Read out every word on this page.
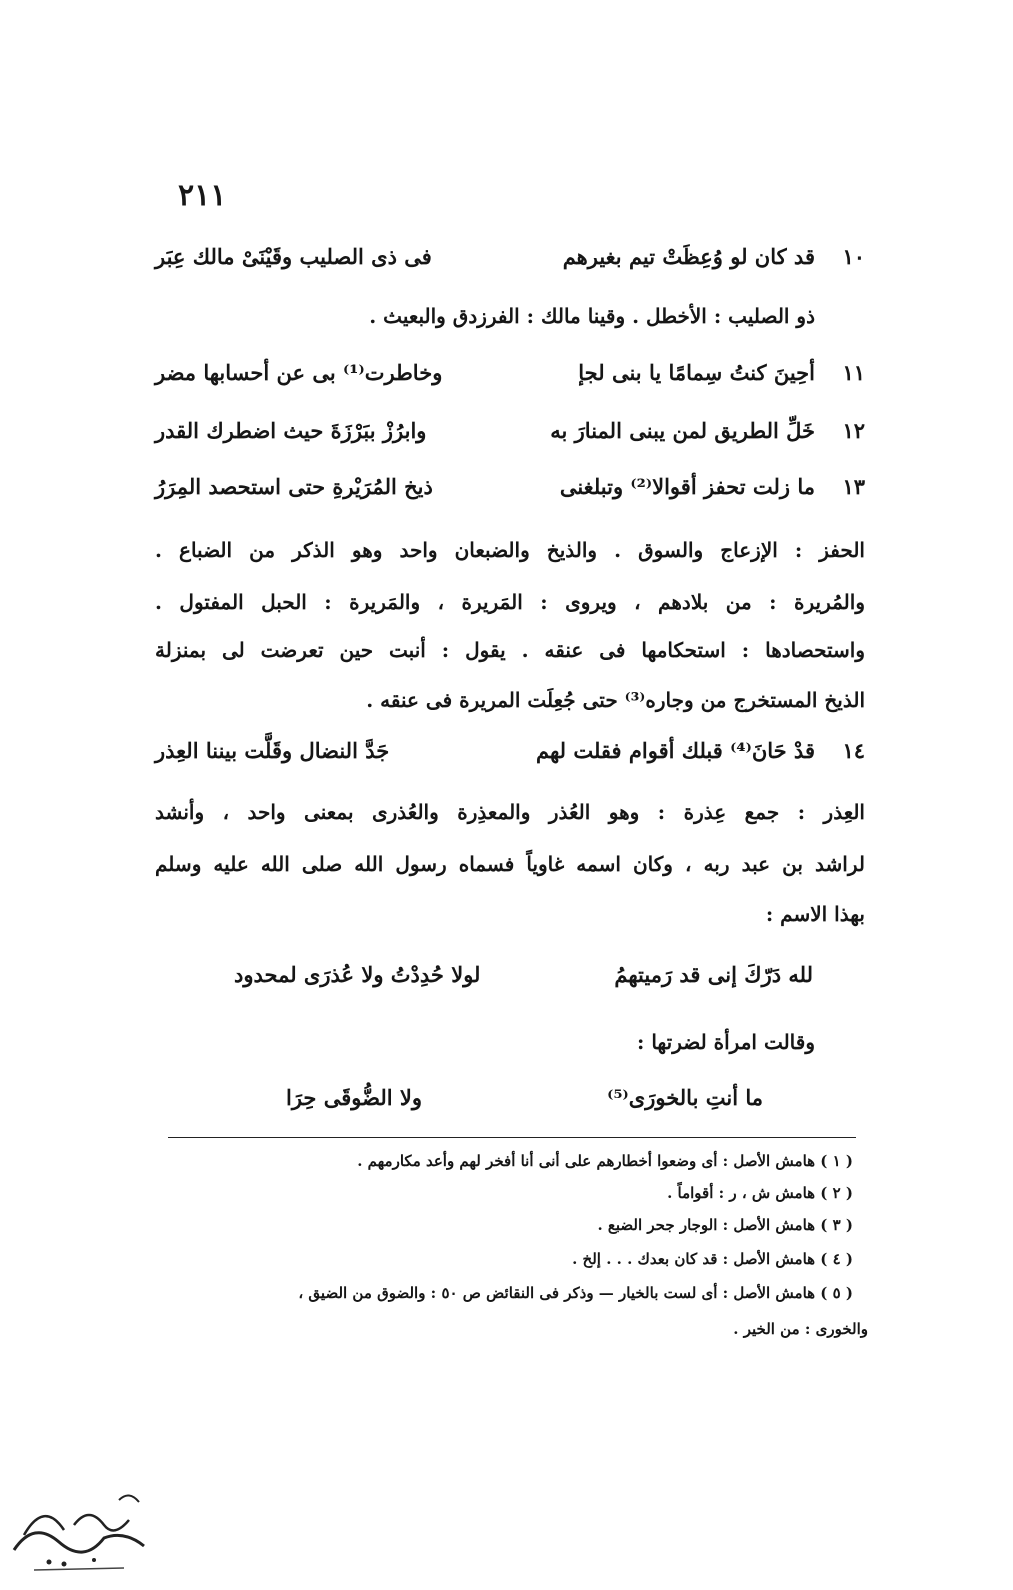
٢١١
١٠
قد كان لو وُعِظَتْ تيم بغيرهم
فى ذى الصليب وقَيْنَىْ مالك عِبَر
ذو الصليب : الأخطل . وقينا مالك : الفرزدق والبعيث .
١١
أحِينَ كنتُ سِمامًا يا بنى لجإ
وخاطرت⁽¹⁾ بى عن أحسابها مضر
١٢
خَلِّ الطريق لمن يبنى المنارَ به
وابرُزْ ببَرْزَةَ حيث اضطرك القدر
١٣
ما زلت تحفز أقوالا⁽²⁾ وتبلغنى
ذيخ المُرَيْرةِ حتى استحصد المِرَرُ
الحفز : الإزعاج والسوق . والذيخ والضبعان واحد وهو الذكر من الضباع .
والمُريرة : من بلادهم ، ويروى : المَريرة ، والمَريرة : الحبل المفتول .
واستحصادها : استحكامها فى عنقه . يقول : أنبت حين تعرضت لى بمنزلة
الذيخ المستخرج من وجاره⁽³⁾ حتى جُعِلَت المريرة فى عنقه .
١٤
قدْ حَانَ⁽⁴⁾ قبلك أقوام فقلت لهم
جَدَّ النضال وقَلَّت بيننا العِذر
العِذر : جمع عِذرة : وهو العُذر والمعذِرة والعُذرى بمعنى واحد ، وأنشد
لراشد بن عبد ربه ، وكان اسمه غاوياً فسماه رسول الله صلى الله عليه وسلم
بهذا الاسم :
لله دَرّكَ إنى قد رَميتهمُ
لولا حُدِدْتُ ولا عُذرَى لمحدود
وقالت امرأة لضرتها :
ما أنتِ بالخورَى⁽⁵⁾
ولا الضُّوقَى حِرَا
( ١ ) هامش الأصل : أى وضعوا أخطارهم على أنى أنا أفخر لهم وأعد مكارمهم .
( ٢ ) هامش ش ، ر : أقواماً .
( ٣ ) هامش الأصل : الوجار جحر الضبع .
( ٤ ) هامش الأصل : قد كان بعدك . . . إلخ .
( ٥ ) هامش الأصل : أى لست بالخيار — وذكر فى النقائض ص ٥٠ : والضوق من الضيق ،
والخورى : من الخير .
